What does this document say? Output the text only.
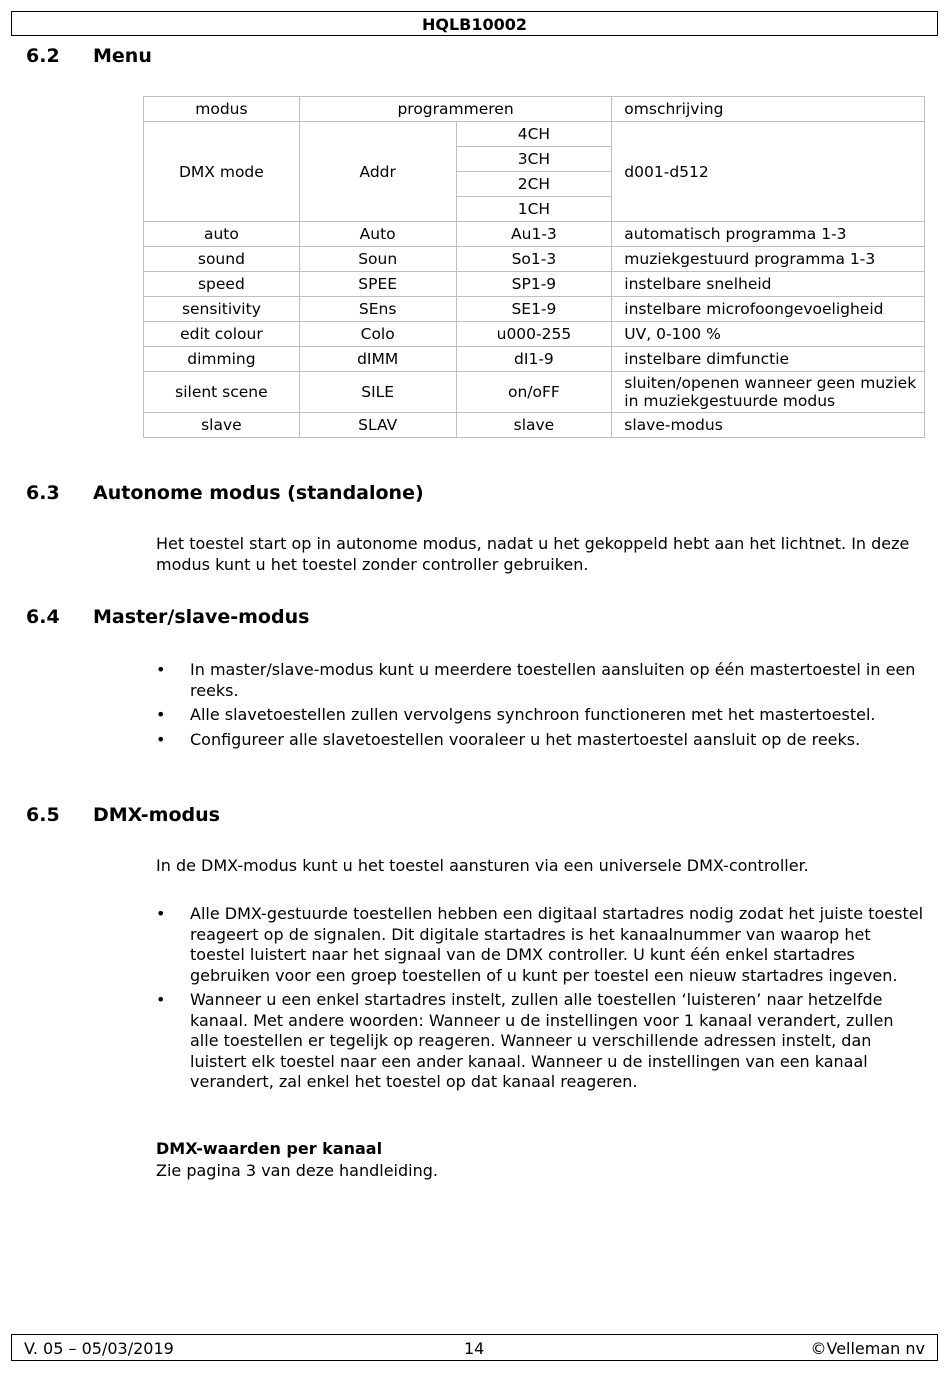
HQLB10002
6.2 Menu
modus	programmeren		omschrijving
DMX mode	Addr	4CH	d001-d512
		3CH	
		2CH	
		1CH	
auto	Auto	Au1-3	automatisch programma 1-3
sound	Soun	So1-3	muziekgestuurd programma 1-3
speed	SPEE	SP1-9	instelbare snelheid
sensitivity	SEns	SE1-9	instelbare microfoongevoeligheid
edit colour	Colo	u000-255	UV, 0-100 %
dimming	dIMM	dI1-9	instelbare dimfunctie
silent scene	SILE	on/oFF	sluiten/openen wanneer geen muziek in muziekgestuurde modus
slave	SLAV	slave	slave-modus
6.3 Autonome modus (standalone)
Het toestel start op in autonome modus, nadat u het gekoppeld hebt aan het lichtnet. In deze modus kunt u het toestel zonder controller gebruiken.
6.4 Master/slave-modus
• In master/slave-modus kunt u meerdere toestellen aansluiten op één mastertoestel in een reeks.
• Alle slavetoestellen zullen vervolgens synchroon functioneren met het mastertoestel.
• Configureer alle slavetoestellen vooraleer u het mastertoestel aansluit op de reeks.
6.5 DMX-modus
In de DMX-modus kunt u het toestel aansturen via een universele DMX-controller.
• Alle DMX-gestuurde toestellen hebben een digitaal startadres nodig zodat het juiste toestel reageert op de signalen. Dit digitale startadres is het kanaalnummer van waarop het toestel luistert naar het signaal van de DMX controller. U kunt één enkel startadres gebruiken voor een groep toestellen of u kunt per toestel een nieuw startadres ingeven.
• Wanneer u een enkel startadres instelt, zullen alle toestellen ‘luisteren’ naar hetzelfde kanaal. Met andere woorden: Wanneer u de instellingen voor 1 kanaal verandert, zullen alle toestellen er tegelijk op reageren. Wanneer u verschillende adressen instelt, dan luistert elk toestel naar een ander kanaal. Wanneer u de instellingen van een kanaal verandert, zal enkel het toestel op dat kanaal reageren.
DMX-waarden per kanaal
Zie pagina 3 van deze handleiding.
V. 05 – 05/03/2019	14	©Velleman nv
